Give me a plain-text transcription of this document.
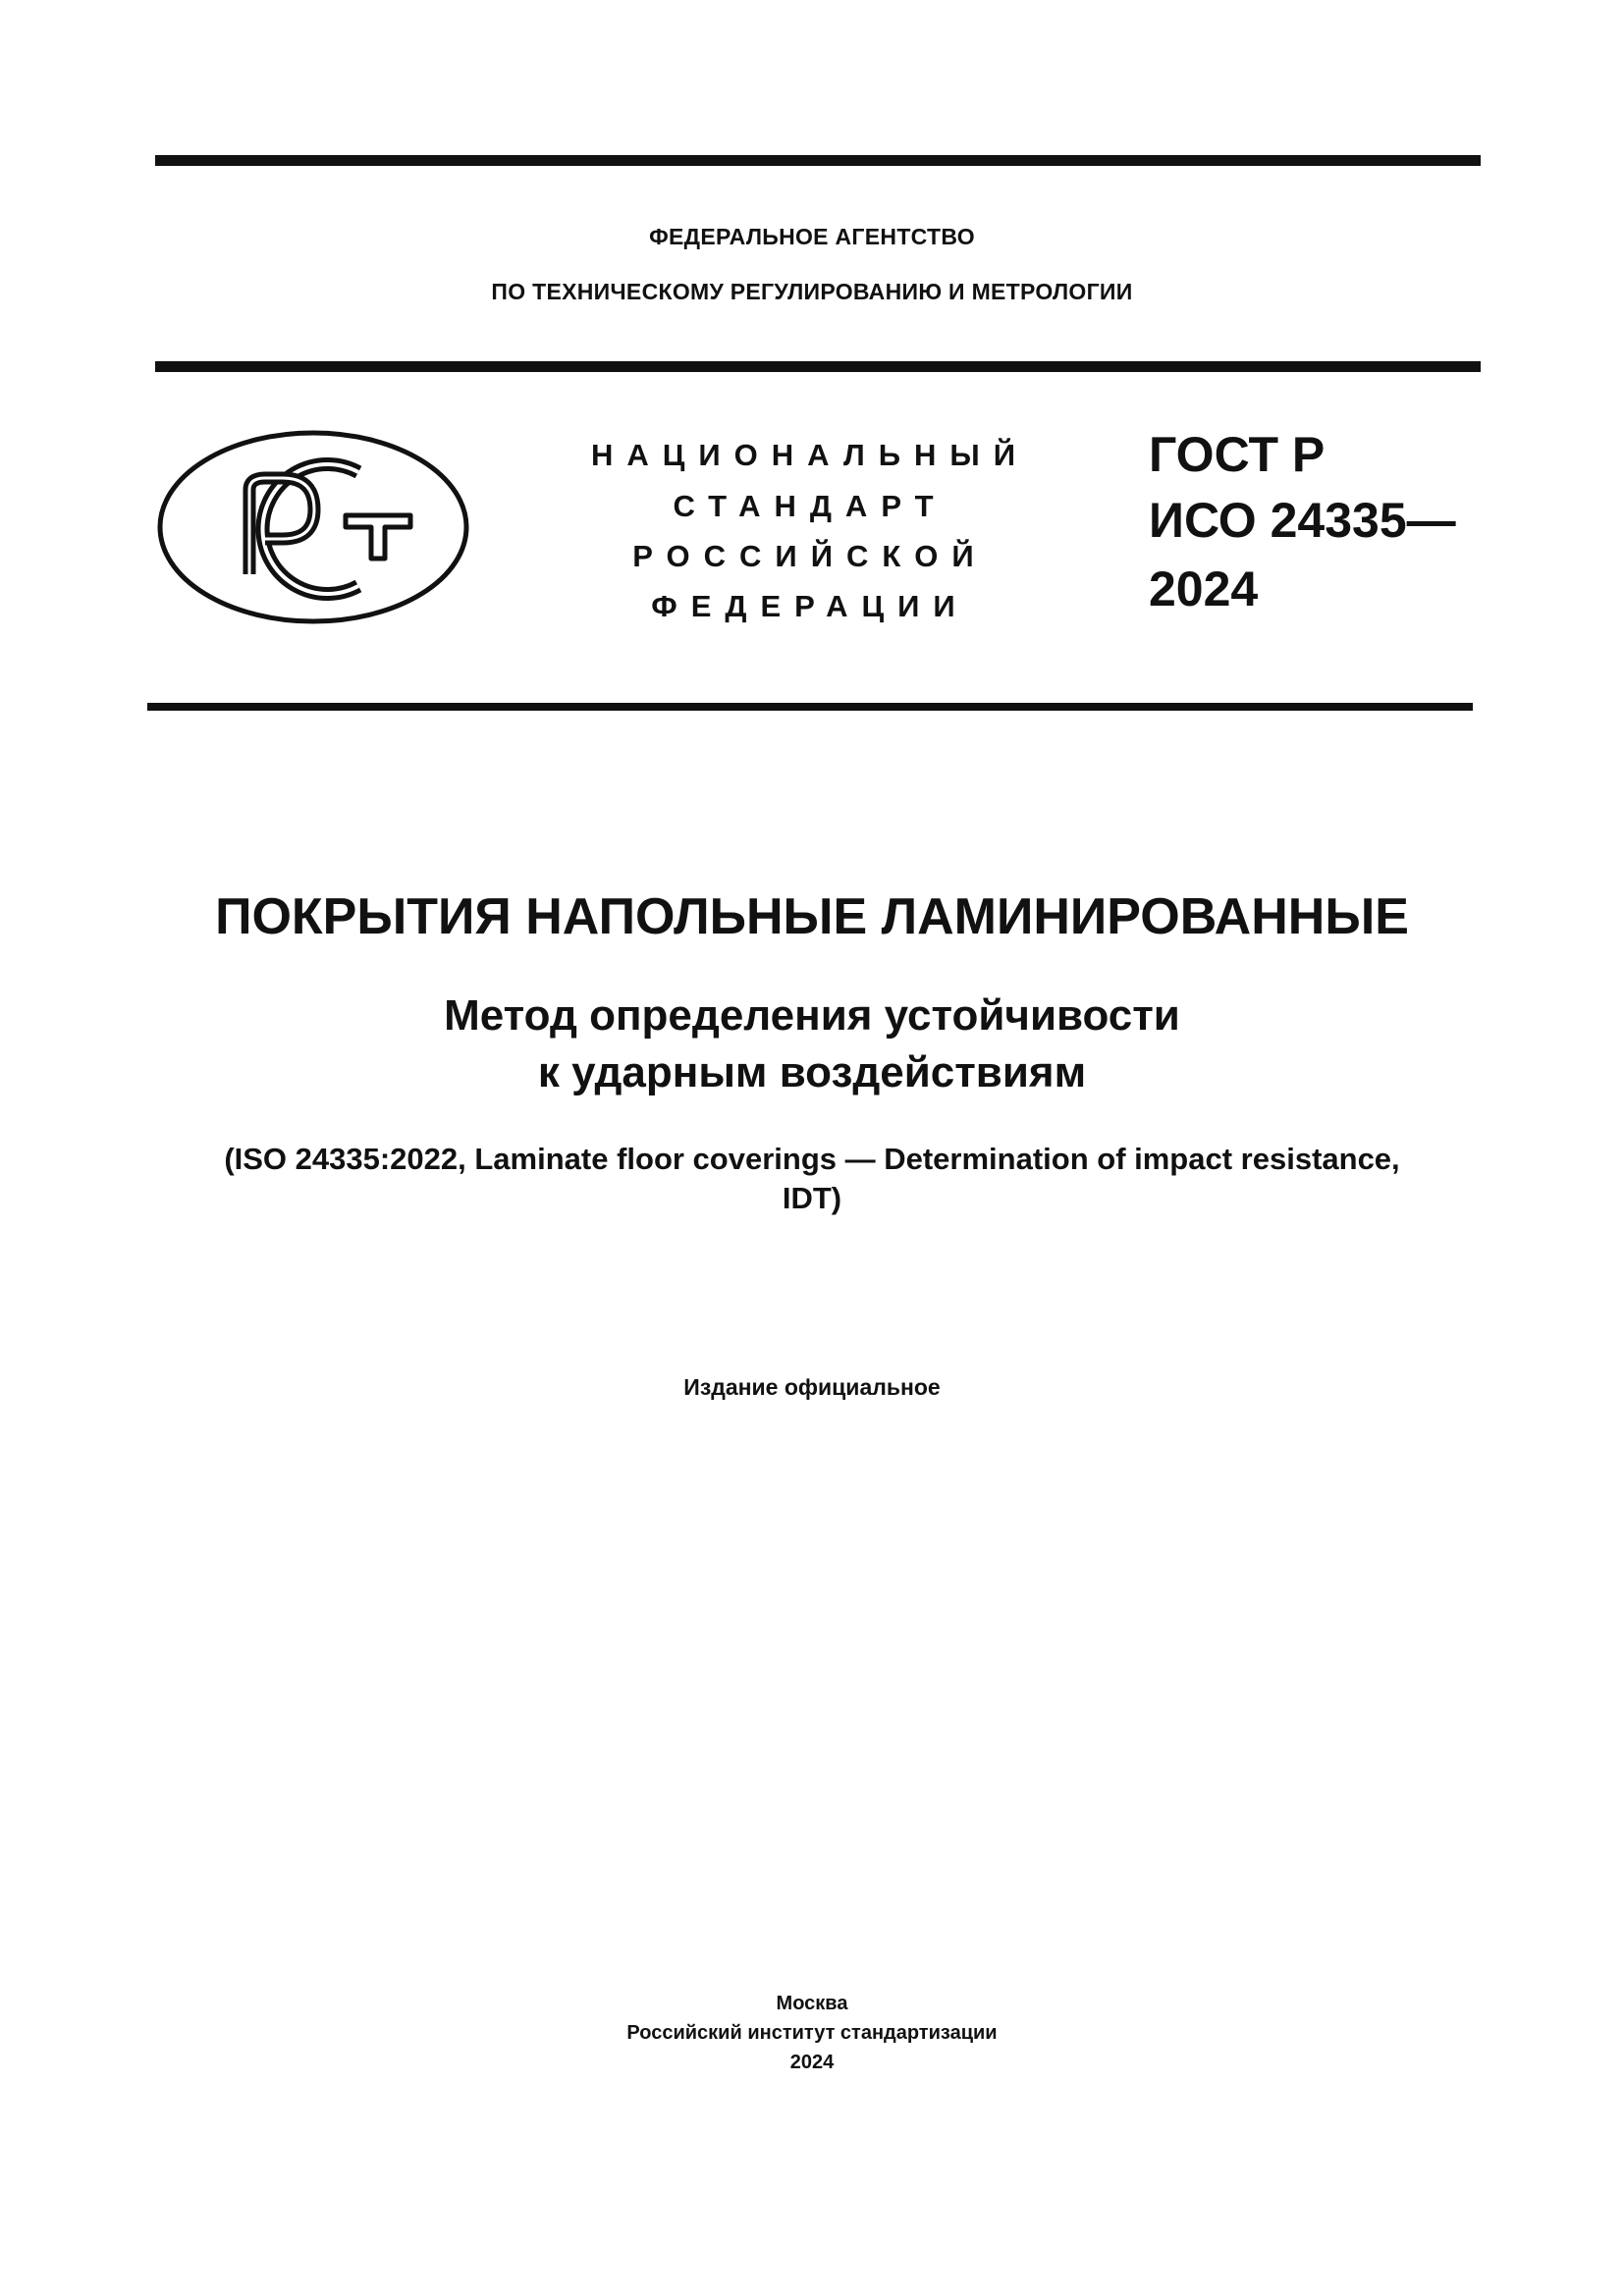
ФЕДЕРАЛЬНОЕ АГЕНТСТВО
ПО ТЕХНИЧЕСКОМУ РЕГУЛИРОВАНИЮ И МЕТРОЛОГИИ
НАЦИОНАЛЬНЫЙ
СТАНДАРТ
РОССИЙСКОЙ
ФЕДЕРАЦИИ
ГОСТ Р
ИСО 24335—
2024
ПОКРЫТИЯ НАПОЛЬНЫЕ ЛАМИНИРОВАННЫЕ
Метод определения устойчивости
к ударным воздействиям
(ISO 24335:2022, Laminate floor coverings — Determination of impact resistance,
IDT)
Издание официальное
Москва
Российский институт стандартизации
2024
